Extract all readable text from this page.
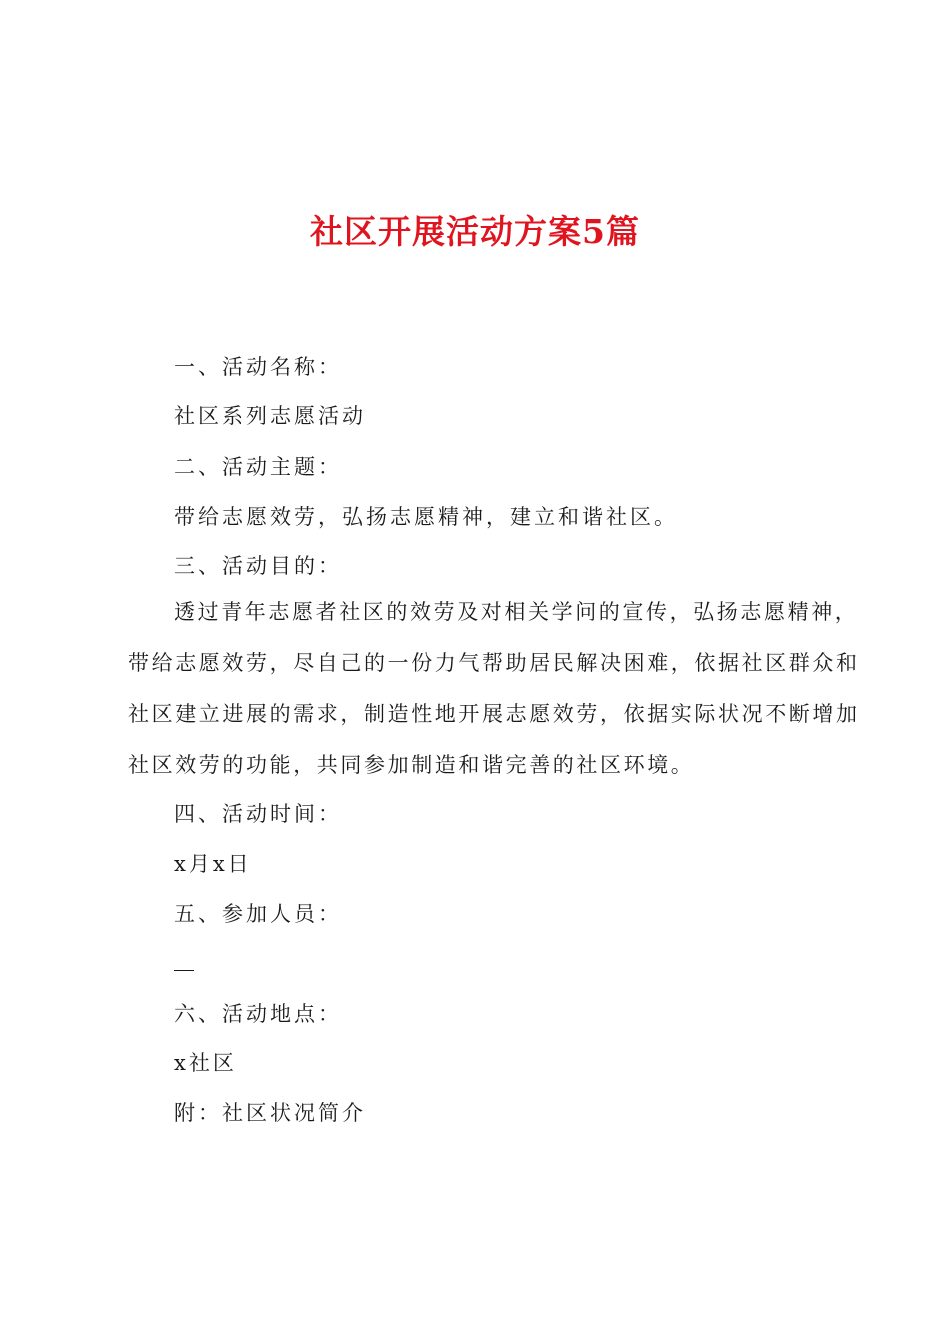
社区开展活动方案5篇
一、活动名称：
社区系列志愿活动
二、活动主题：
带给志愿效劳，弘扬志愿精神，建立和谐社区。
三、活动目的：
透过青年志愿者社区的效劳及对相关学问的宣传，弘扬志愿精神，
带给志愿效劳，尽自己的一份力气帮助居民解决困难，依据社区群众和
社区建立进展的需求，制造性地开展志愿效劳，依据实际状况不断增加
社区效劳的功能，共同参加制造和谐完善的社区环境。
四、活动时间：
x月x日
五、参加人员：
六、活动地点：
x社区
附：社区状况简介
